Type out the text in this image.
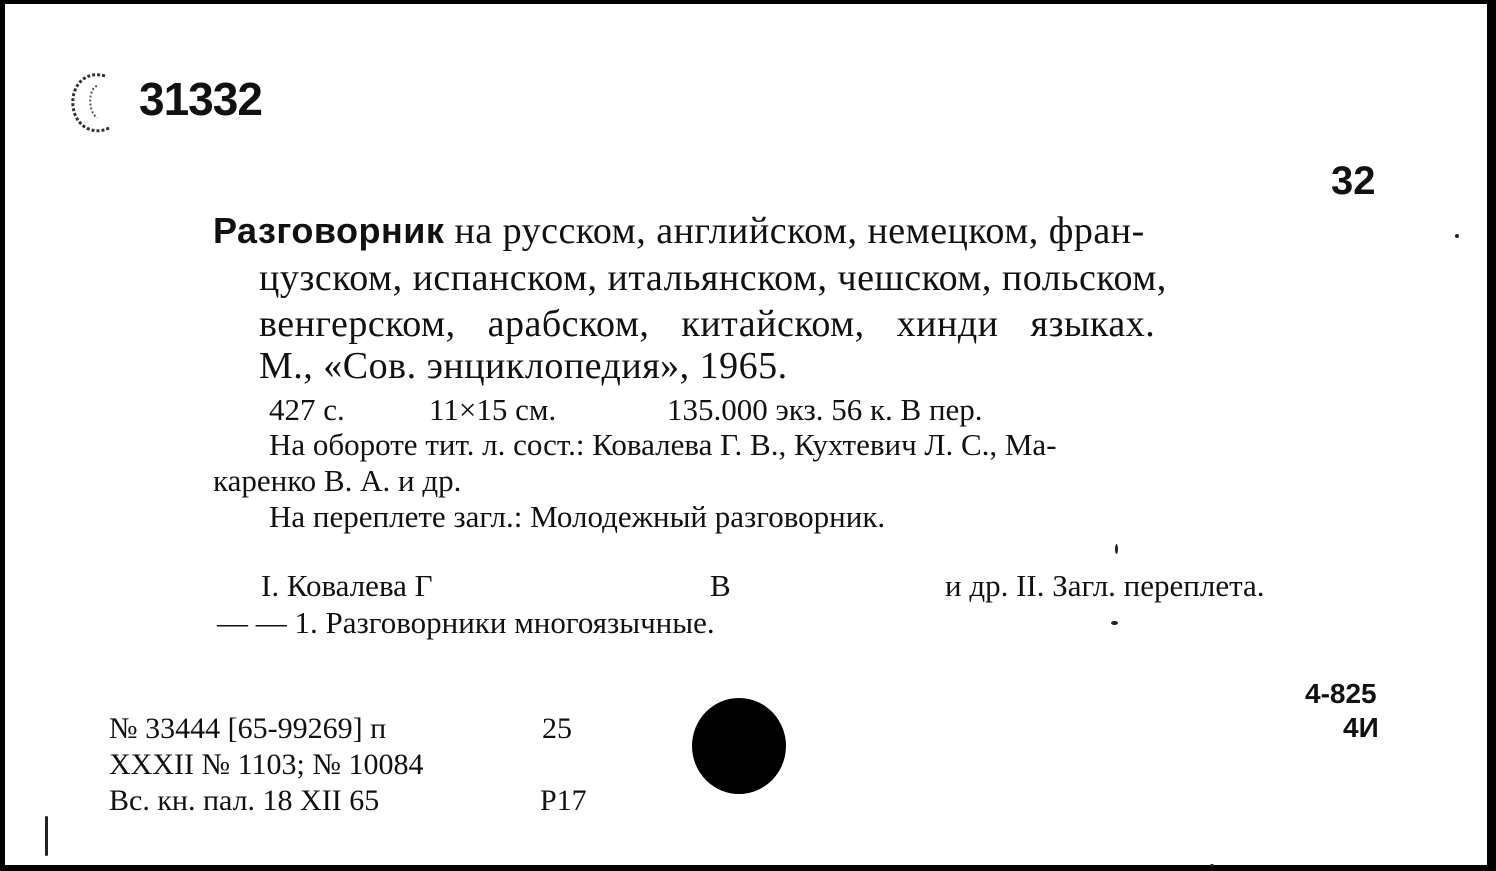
31332
32
Разговорник на русском, английском, немецком, фран-
цузском, испанском, итальянском, чешском, польском,
венгерском, арабском, китайском, хинди языках.
М., «Сов. энциклопедия», 1965.
427 с.	11×15 см.	135.000 экз. 56 к. В пер.
На обороте тит. л. сост.: Ковалева Г. В., Кухтевич Л. С., Ма-
каренко В. А. и др.
На переплете загл.: Молодежный разговорник.
I. Ковалева Г	В	и др. II. Загл. переплета.
— — 1. Разговорники многоязычные.
4-825
4И
№ 33444 [65-99269] п	25
XXXII № 1103; № 10084
Вс. кн. пал. 18 XII 65	P17
